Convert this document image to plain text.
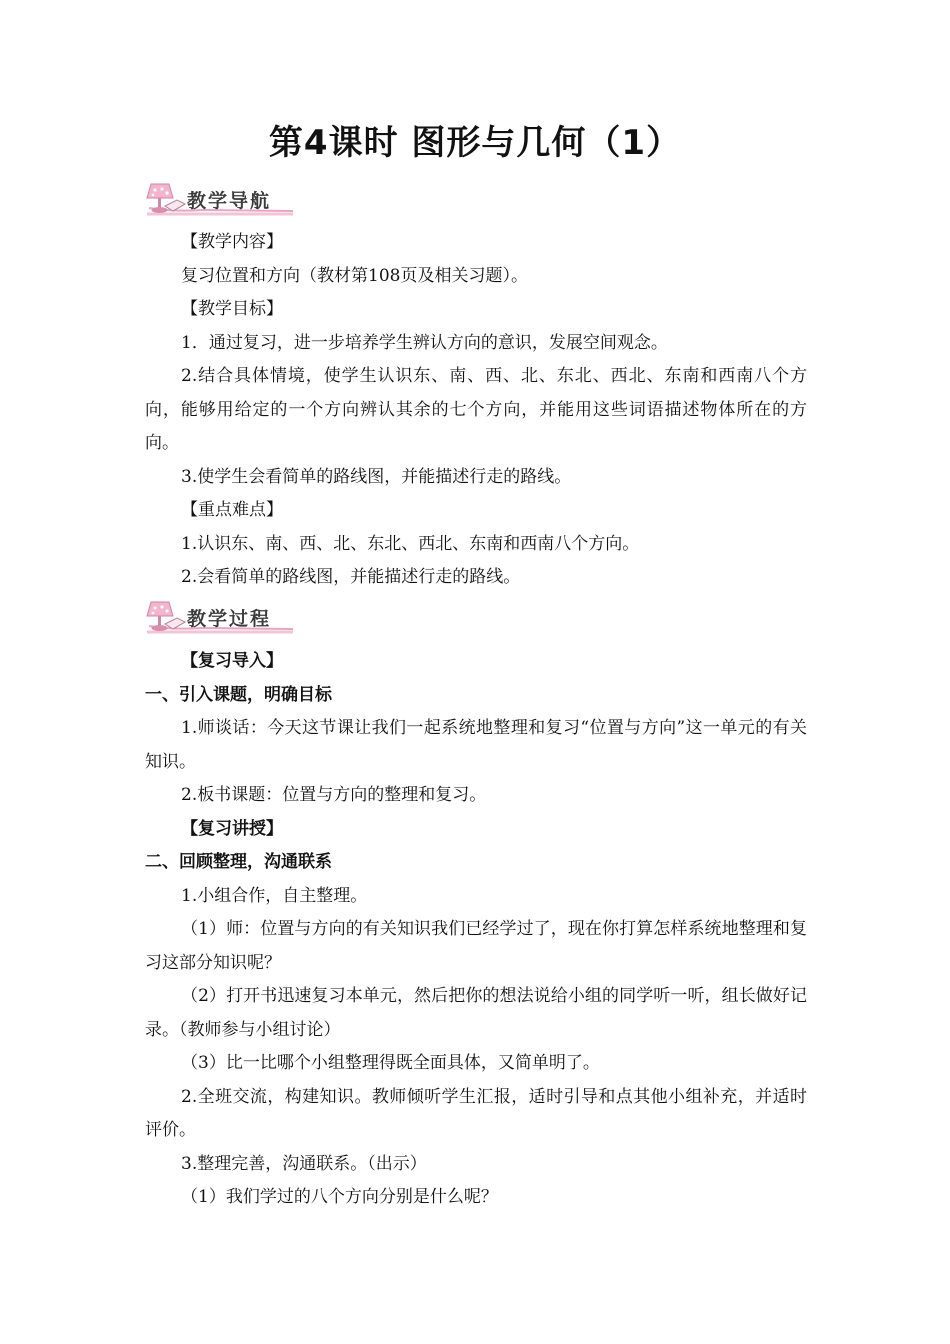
第4课时 图形与几何（1）
教学导航

【教学内容】

复习位置和方向（教材第108页及相关习题）。

【教学目标】

1．通过复习，进一步培养学生辨认方向的意识，发展空间观念。

2.结合具体情境，使学生认识东、南、西、北、东北、西北、东南和西南八个方向，能够用给定的一个方向辨认其余的七个方向，并能用这些词语描述物体所在的方向。

3.使学生会看简单的路线图，并能描述行走的路线。

【重点难点】

1.认识东、南、西、北、东北、西北、东南和西南八个方向。

2.会看简单的路线图，并能描述行走的路线。

教学过程

【复习导入】

一、引入课题，明确目标

1.师谈话：今天这节课让我们一起系统地整理和复习“位置与方向”这一单元的有关知识。

2.板书课题：位置与方向的整理和复习。

【复习讲授】

二、回顾整理，沟通联系

1.小组合作，自主整理。

（1）师：位置与方向的有关知识我们已经学过了，现在你打算怎样系统地整理和复习这部分知识呢？

（2）打开书迅速复习本单元，然后把你的想法说给小组的同学听一听，组长做好记录。（教师参与小组讨论）

（3）比一比哪个小组整理得既全面具体，又简单明了。

2.全班交流，构建知识。教师倾听学生汇报，适时引导和点其他小组补充，并适时评价。

3.整理完善，沟通联系。（出示）

（1）我们学过的八个方向分别是什么呢？
